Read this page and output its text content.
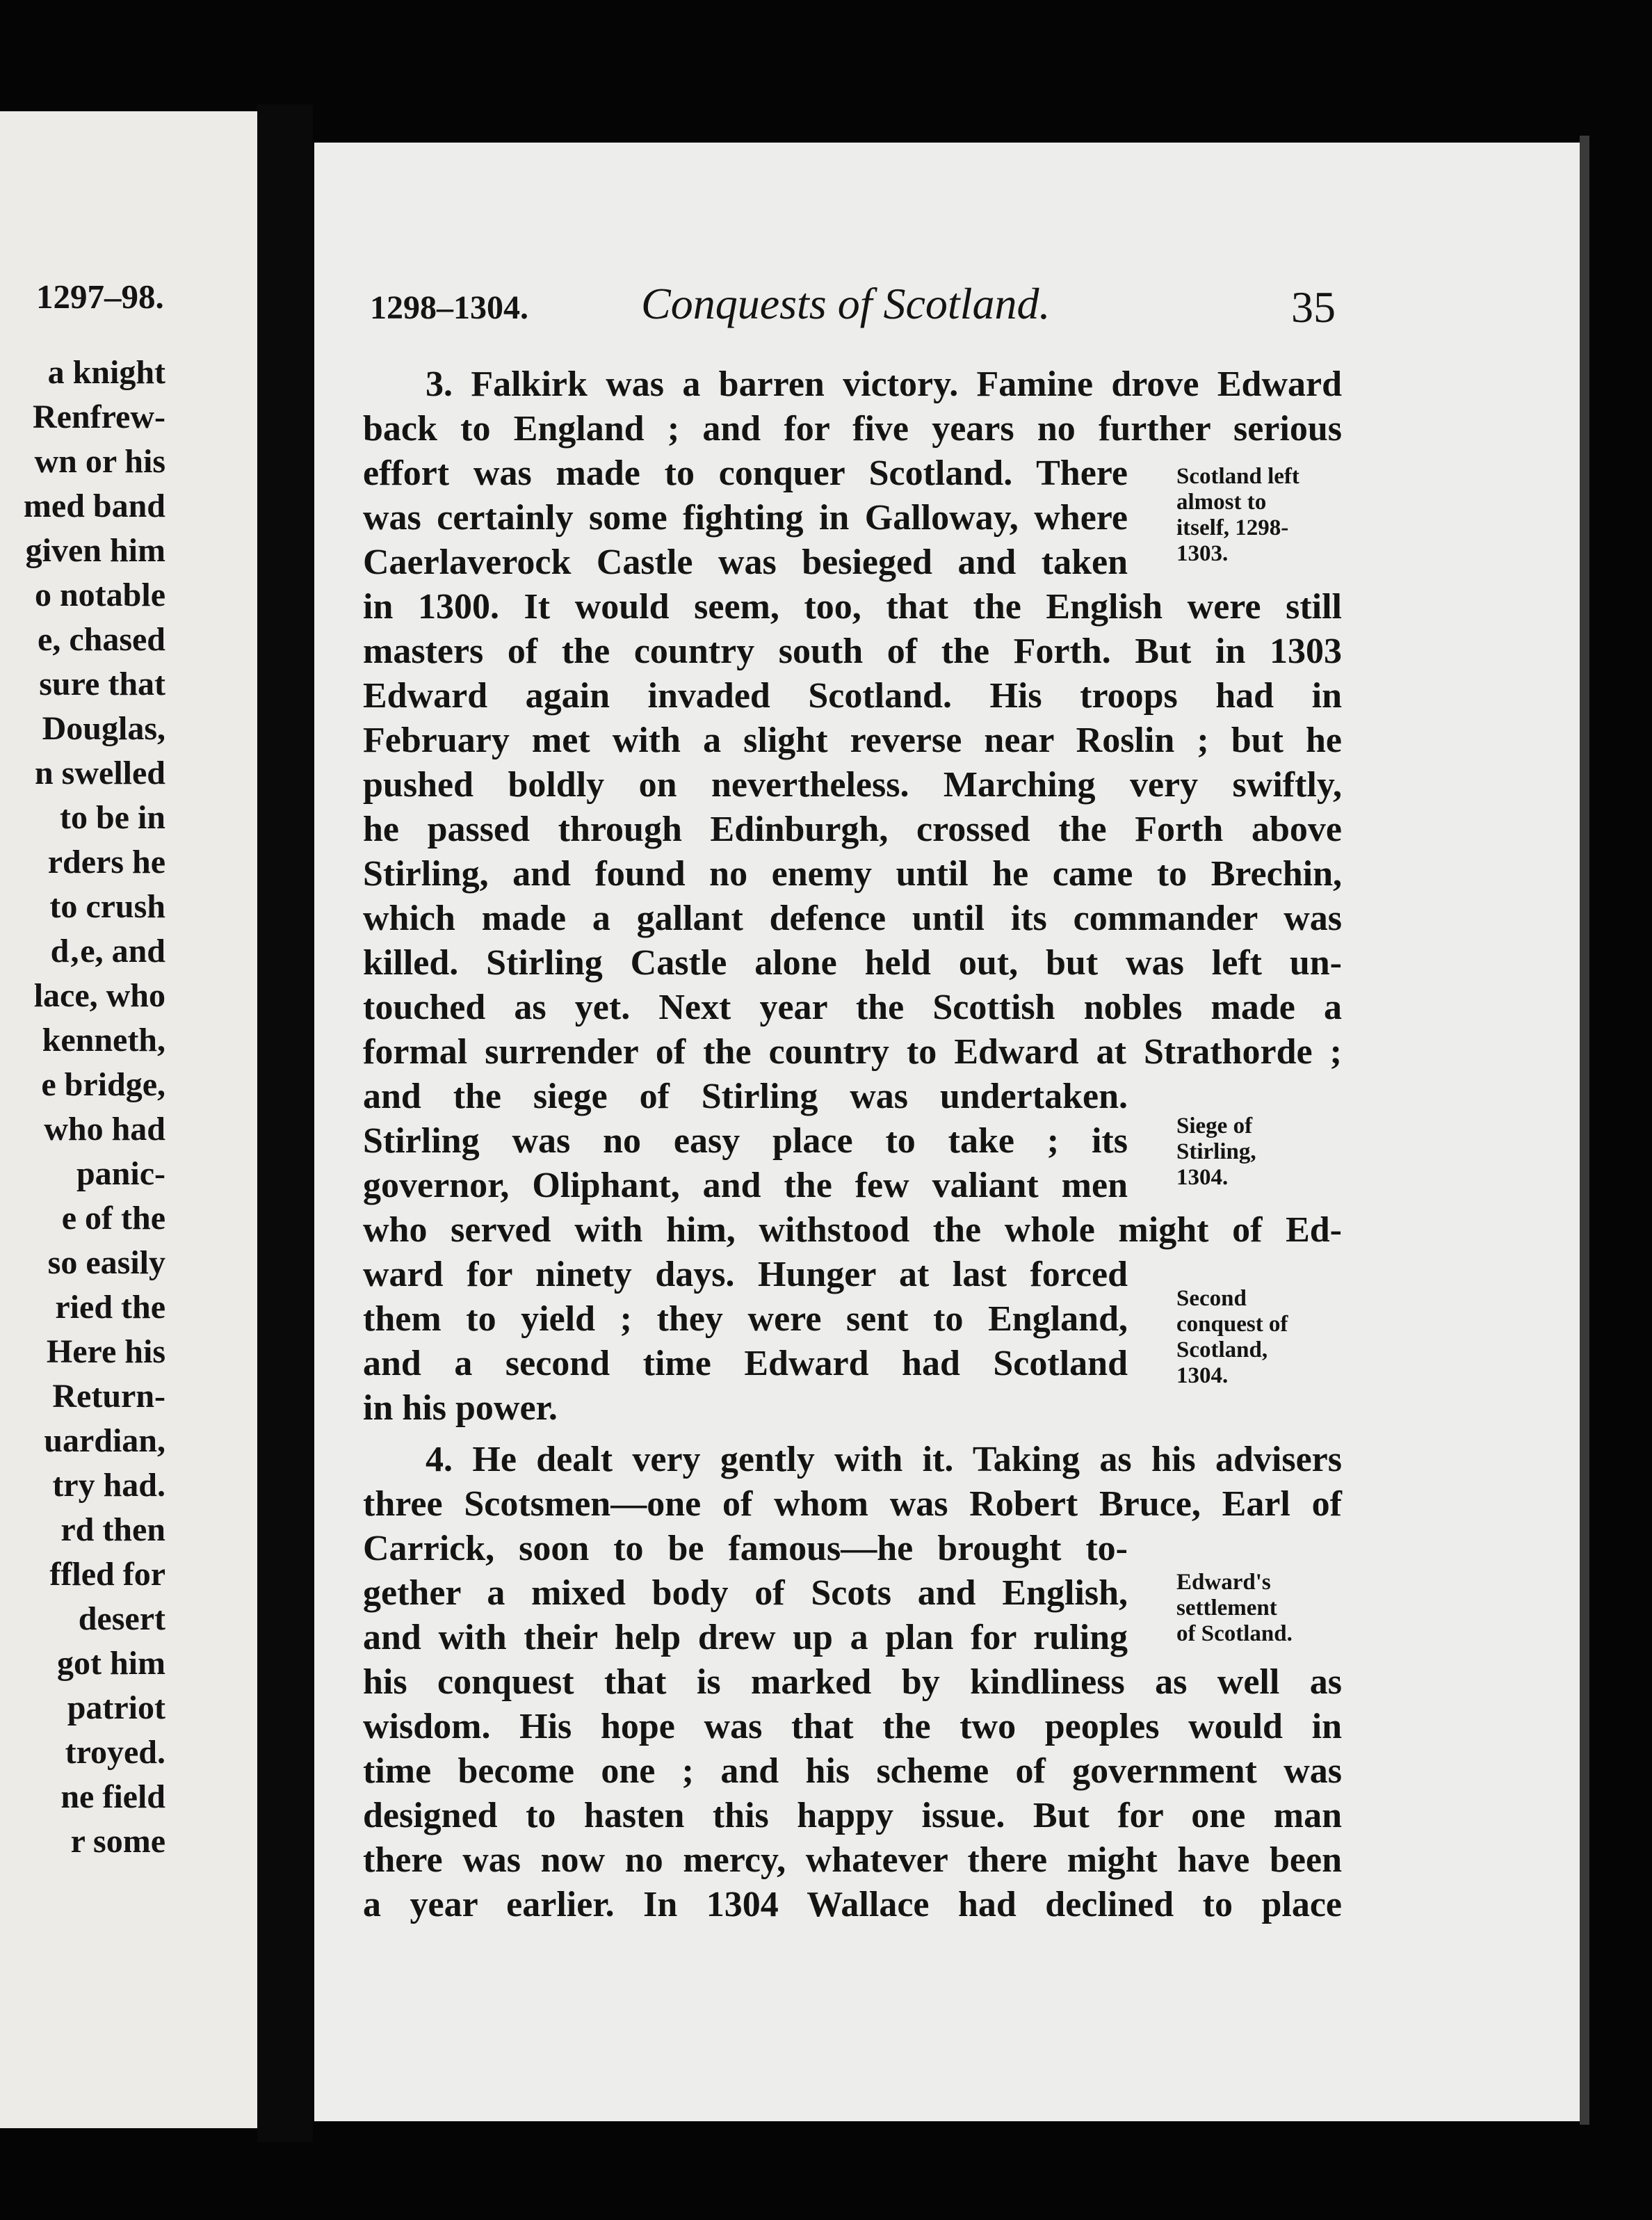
1297–98.
a knight
Renfrew-
wn or his
med band
given him
o notable
e, chased
sure that
Douglas,
n swelled
to be in
rders he
to crush
d‚e, and
lace, who
kenneth,
e bridge,
who had
panic-
e of the
so easily
ried the
Here his
Return-
uardian,
try had.
rd then
ffled for
desert
got him
patriot
troyed.
ne field
r some
1298–1304.	Conquests of Scotland.	35
3. Falkirk was a barren victory. Famine drove Edward
back to England ; and for five years no further serious
effort was made to conquer Scotland. There
was certainly some fighting in Galloway, where
Caerlaverock Castle was besieged and taken
in 1300. It would seem, too, that the English were still
masters of the country south of the Forth. But in 1303
Edward again invaded Scotland. His troops had in
February met with a slight reverse near Roslin ; but he
pushed boldly on nevertheless. Marching very swiftly,
he passed through Edinburgh, crossed the Forth above
Stirling, and found no enemy until he came to Brechin,
which made a gallant defence until its commander was
killed. Stirling Castle alone held out, but was left un-
touched as yet. Next year the Scottish nobles made a
formal surrender of the country to Edward at Strathorde ;
and the siege of Stirling was undertaken.
Stirling was no easy place to take ; its
governor, Oliphant, and the few valiant men
who served with him, withstood the whole might of Ed-
ward for ninety days. Hunger at last forced
them to yield ; they were sent to England,
and a second time Edward had Scotland
in his power.
4. He dealt very gently with it. Taking as his advisers
three Scotsmen—one of whom was Robert Bruce, Earl of
Carrick, soon to be famous—he brought to-
gether a mixed body of Scots and English,
and with their help drew up a plan for ruling
his conquest that is marked by kindliness as well as
wisdom. His hope was that the two peoples would in
time become one ; and his scheme of government was
designed to hasten this happy issue. But for one man
there was now no mercy, whatever there might have been
a year earlier. In 1304 Wallace had declined to place
Scotland left
almost to
itself, 1298-
1303.
Siege of
Stirling,
1304.
Second
conquest of
Scotland,
1304.
Edward's
settlement
of Scotland.
